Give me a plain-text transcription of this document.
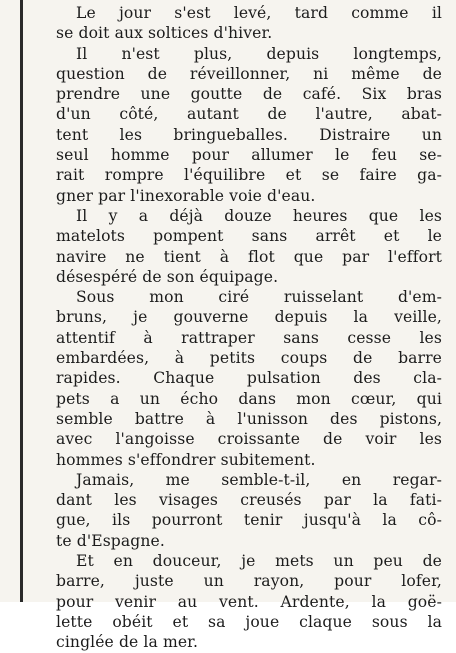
Le jour s'est levé, tard comme il
se doit aux soltices d'hiver.
Il n'est plus, depuis longtemps,
question de réveillonner, ni même de
prendre une goutte de café. Six bras
d'un côté, autant de l'autre, abat-
tent les bringueballes. Distraire un
seul homme pour allumer le feu se-
rait rompre l'équilibre et se faire ga-
gner par l'inexorable voie d'eau.
Il y a déjà douze heures que les
matelots pompent sans arrêt et le
navire ne tient à flot que par l'effort
désespéré de son équipage.
Sous mon ciré ruisselant d'em-
bruns, je gouverne depuis la veille,
attentif à rattraper sans cesse les
embardées, à petits coups de barre
rapides. Chaque pulsation des cla-
pets a un écho dans mon cœur, qui
semble battre à l'unisson des pistons,
avec l'angoisse croissante de voir les
hommes s'effondrer subitement.
Jamais, me semble-t-il, en regar-
dant les visages creusés par la fati-
gue, ils pourront tenir jusqu'à la cô-
te d'Espagne.
Et en douceur, je mets un peu de
barre, juste un rayon, pour lofer,
pour venir au vent. Ardente, la goë-
lette obéit et sa joue claque sous la
cinglée de la mer.
